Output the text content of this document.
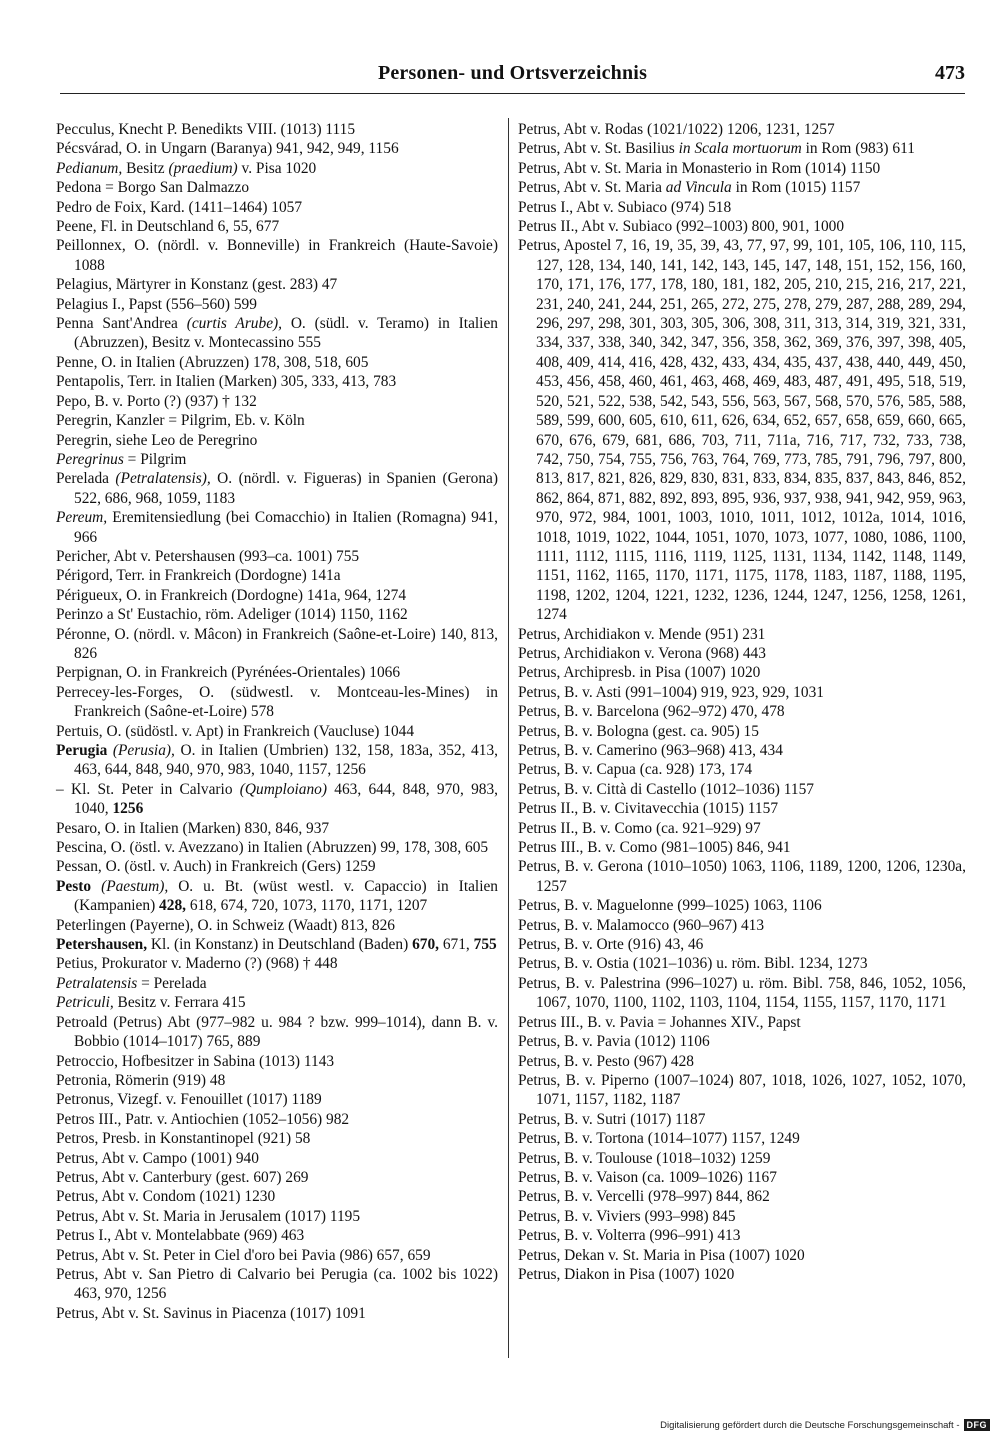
Personen- und Ortsverzeichnis	473

Pecculus, Knecht P. Benedikts VIII. (1013) 1115

Pécsvárad, O. in Ungarn (Baranya) 941, 942, 949, 1156

Pedianum, Besitz (praedium) v. Pisa 1020

Pedona = Borgo San Dalmazzo

Pedro de Foix, Kard. (1411–1464) 1057

Peene, Fl. in Deutschland 6, 55, 677

Peillonnex, O. (nördl. v. Bonneville) in Frankreich (Haute-Savoie) 1088

Pelagius, Märtyrer in Konstanz (gest. 283) 47

Pelagius I., Papst (556–560) 599

Penna Sant'Andrea (curtis Arube), O. (südl. v. Teramo) in Italien (Abruzzen), Besitz v. Montecassino 555

Penne, O. in Italien (Abruzzen) 178, 308, 518, 605

Pentapolis, Terr. in Italien (Marken) 305, 333, 413, 783

Pepo, B. v. Porto (?) (937) † 132

Peregrin, Kanzler = Pilgrim, Eb. v. Köln

Peregrin, siehe Leo de Peregrino

Peregrinus = Pilgrim

Perelada (Petralatensis), O. (nördl. v. Figueras) in Spanien (Gerona) 522, 686, 968, 1059, 1183

Pereum, Eremitensiedlung (bei Comacchio) in Italien (Romagna) 941, 966

Pericher, Abt v. Petershausen (993–ca. 1001) 755

Périgord, Terr. in Frankreich (Dordogne) 141a

Périgueux, O. in Frankreich (Dordogne) 141a, 964, 1274

Perinzo a St' Eustachio, röm. Adeliger (1014) 1150, 1162

Péronne, O. (nördl. v. Mâcon) in Frankreich (Saône-et-Loire) 140, 813, 826

Perpignan, O. in Frankreich (Pyrénées-Orientales) 1066

Perrecey-les-Forges, O. (südwestl. v. Montceau-les-Mines) in Frankreich (Saône-et-Loire) 578

Pertuis, O. (südöstl. v. Apt) in Frankreich (Vaucluse) 1044

Perugia (Perusia), O. in Italien (Umbrien) 132, 158, 183a, 352, 413, 463, 644, 848, 940, 970, 983, 1040, 1157, 1256

– Kl. St. Peter in Calvario (Qumploiano) 463, 644, 848, 970, 983, 1040, 1256

Pesaro, O. in Italien (Marken) 830, 846, 937

Pescina, O. (östl. v. Avezzano) in Italien (Abruzzen) 99, 178, 308, 605

Pessan, O. (östl. v. Auch) in Frankreich (Gers) 1259

Pesto (Paestum), O. u. Bt. (wüst westl. v. Capaccio) in Italien (Kampanien) 428, 618, 674, 720, 1073, 1170, 1171, 1207

Peterlingen (Payerne), O. in Schweiz (Waadt) 813, 826

Petershausen, Kl. (in Konstanz) in Deutschland (Baden) 670, 671, 755

Petius, Prokurator v. Maderno (?) (968) † 448

Petralatensis = Perelada

Petriculi, Besitz v. Ferrara 415

Petroald (Petrus) Abt (977–982 u. 984 ? bzw. 999–1014), dann B. v. Bobbio (1014–1017) 765, 889

Petroccio, Hofbesitzer in Sabina (1013) 1143

Petronia, Römerin (919) 48

Petronus, Vizegf. v. Fenouillet (1017) 1189

Petros III., Patr. v. Antiochien (1052–1056) 982

Petros, Presb. in Konstantinopel (921) 58

Petrus, Abt v. Campo (1001) 940

Petrus, Abt v. Canterbury (gest. 607) 269

Petrus, Abt v. Condom (1021) 1230

Petrus, Abt v. St. Maria in Jerusalem (1017) 1195

Petrus I., Abt v. Montelabbate (969) 463

Petrus, Abt v. St. Peter in Ciel d'oro bei Pavia (986) 657, 659

Petrus, Abt v. San Pietro di Calvario bei Perugia (ca. 1002 bis 1022) 463, 970, 1256

Petrus, Abt v. St. Savinus in Piacenza (1017) 1091

Petrus, Abt v. Rodas (1021/1022) 1206, 1231, 1257

Petrus, Abt v. St. Basilius in Scala mortuorum in Rom (983) 611

Petrus, Abt v. St. Maria in Monasterio in Rom (1014) 1150

Petrus, Abt v. St. Maria ad Vincula in Rom (1015) 1157

Petrus I., Abt v. Subiaco (974) 518

Petrus II., Abt v. Subiaco (992–1003) 800, 901, 1000

Petrus, Apostel 7, 16, 19, 35, 39, 43, 77, 97, 99, 101, 105, 106, 110, 115, 127, 128, 134, 140, 141, 142, 143, 145, 147, 148, 151, 152, 156, 160, 170, 171, 176, 177, 178, 180, 181, 182, 205, 210, 215, 216, 217, 221, 231, 240, 241, 244, 251, 265, 272, 275, 278, 279, 287, 288, 289, 294, 296, 297, 298, 301, 303, 305, 306, 308, 311, 313, 314, 319, 321, 331, 334, 337, 338, 340, 342, 347, 356, 358, 362, 369, 376, 397, 398, 405, 408, 409, 414, 416, 428, 432, 433, 434, 435, 437, 438, 440, 449, 450, 453, 456, 458, 460, 461, 463, 468, 469, 483, 487, 491, 495, 518, 519, 520, 521, 522, 538, 542, 543, 556, 563, 567, 568, 570, 576, 585, 588, 589, 599, 600, 605, 610, 611, 626, 634, 652, 657, 658, 659, 660, 665, 670, 676, 679, 681, 686, 703, 711, 711a, 716, 717, 732, 733, 738, 742, 750, 754, 755, 756, 763, 764, 769, 773, 785, 791, 796, 797, 800, 813, 817, 821, 826, 829, 830, 831, 833, 834, 835, 837, 843, 846, 852, 862, 864, 871, 882, 892, 893, 895, 936, 937, 938, 941, 942, 959, 963, 970, 972, 984, 1001, 1003, 1010, 1011, 1012, 1012a, 1014, 1016, 1018, 1019, 1022, 1044, 1051, 1070, 1073, 1077, 1080, 1086, 1100, 1111, 1112, 1115, 1116, 1119, 1125, 1131, 1134, 1142, 1148, 1149, 1151, 1162, 1165, 1170, 1171, 1175, 1178, 1183, 1187, 1188, 1195, 1198, 1202, 1204, 1221, 1232, 1236, 1244, 1247, 1256, 1258, 1261, 1274

Petrus, Archidiakon v. Mende (951) 231

Petrus, Archidiakon v. Verona (968) 443

Petrus, Archipresb. in Pisa (1007) 1020

Petrus, B. v. Asti (991–1004) 919, 923, 929, 1031

Petrus, B. v. Barcelona (962–972) 470, 478

Petrus, B. v. Bologna (gest. ca. 905) 15

Petrus, B. v. Camerino (963–968) 413, 434

Petrus, B. v. Capua (ca. 928) 173, 174

Petrus, B. v. Città di Castello (1012–1036) 1157

Petrus II., B. v. Civitavecchia (1015) 1157

Petrus II., B. v. Como (ca. 921–929) 97

Petrus III., B. v. Como (981–1005) 846, 941

Petrus, B. v. Gerona (1010–1050) 1063, 1106, 1189, 1200, 1206, 1230a, 1257

Petrus, B. v. Maguelonne (999–1025) 1063, 1106

Petrus, B. v. Malamocco (960–967) 413

Petrus, B. v. Orte (916) 43, 46

Petrus, B. v. Ostia (1021–1036) u. röm. Bibl. 1234, 1273

Petrus, B. v. Palestrina (996–1027) u. röm. Bibl. 758, 846, 1052, 1056, 1067, 1070, 1100, 1102, 1103, 1104, 1154, 1155, 1157, 1170, 1171

Petrus III., B. v. Pavia = Johannes XIV., Papst

Petrus, B. v. Pavia (1012) 1106

Petrus, B. v. Pesto (967) 428

Petrus, B. v. Piperno (1007–1024) 807, 1018, 1026, 1027, 1052, 1070, 1071, 1157, 1182, 1187

Petrus, B. v. Sutri (1017) 1187

Petrus, B. v. Tortona (1014–1077) 1157, 1249

Petrus, B. v. Toulouse (1018–1032) 1259

Petrus, B. v. Vaison (ca. 1009–1026) 1167

Petrus, B. v. Vercelli (978–997) 844, 862

Petrus, B. v. Viviers (993–998) 845

Petrus, B. v. Volterra (996–991) 413

Petrus, Dekan v. St. Maria in Pisa (1007) 1020

Petrus, Diakon in Pisa (1007) 1020

Digitalisierung gefördert durch die Deutsche Forschungsgemeinschaft - DFG
